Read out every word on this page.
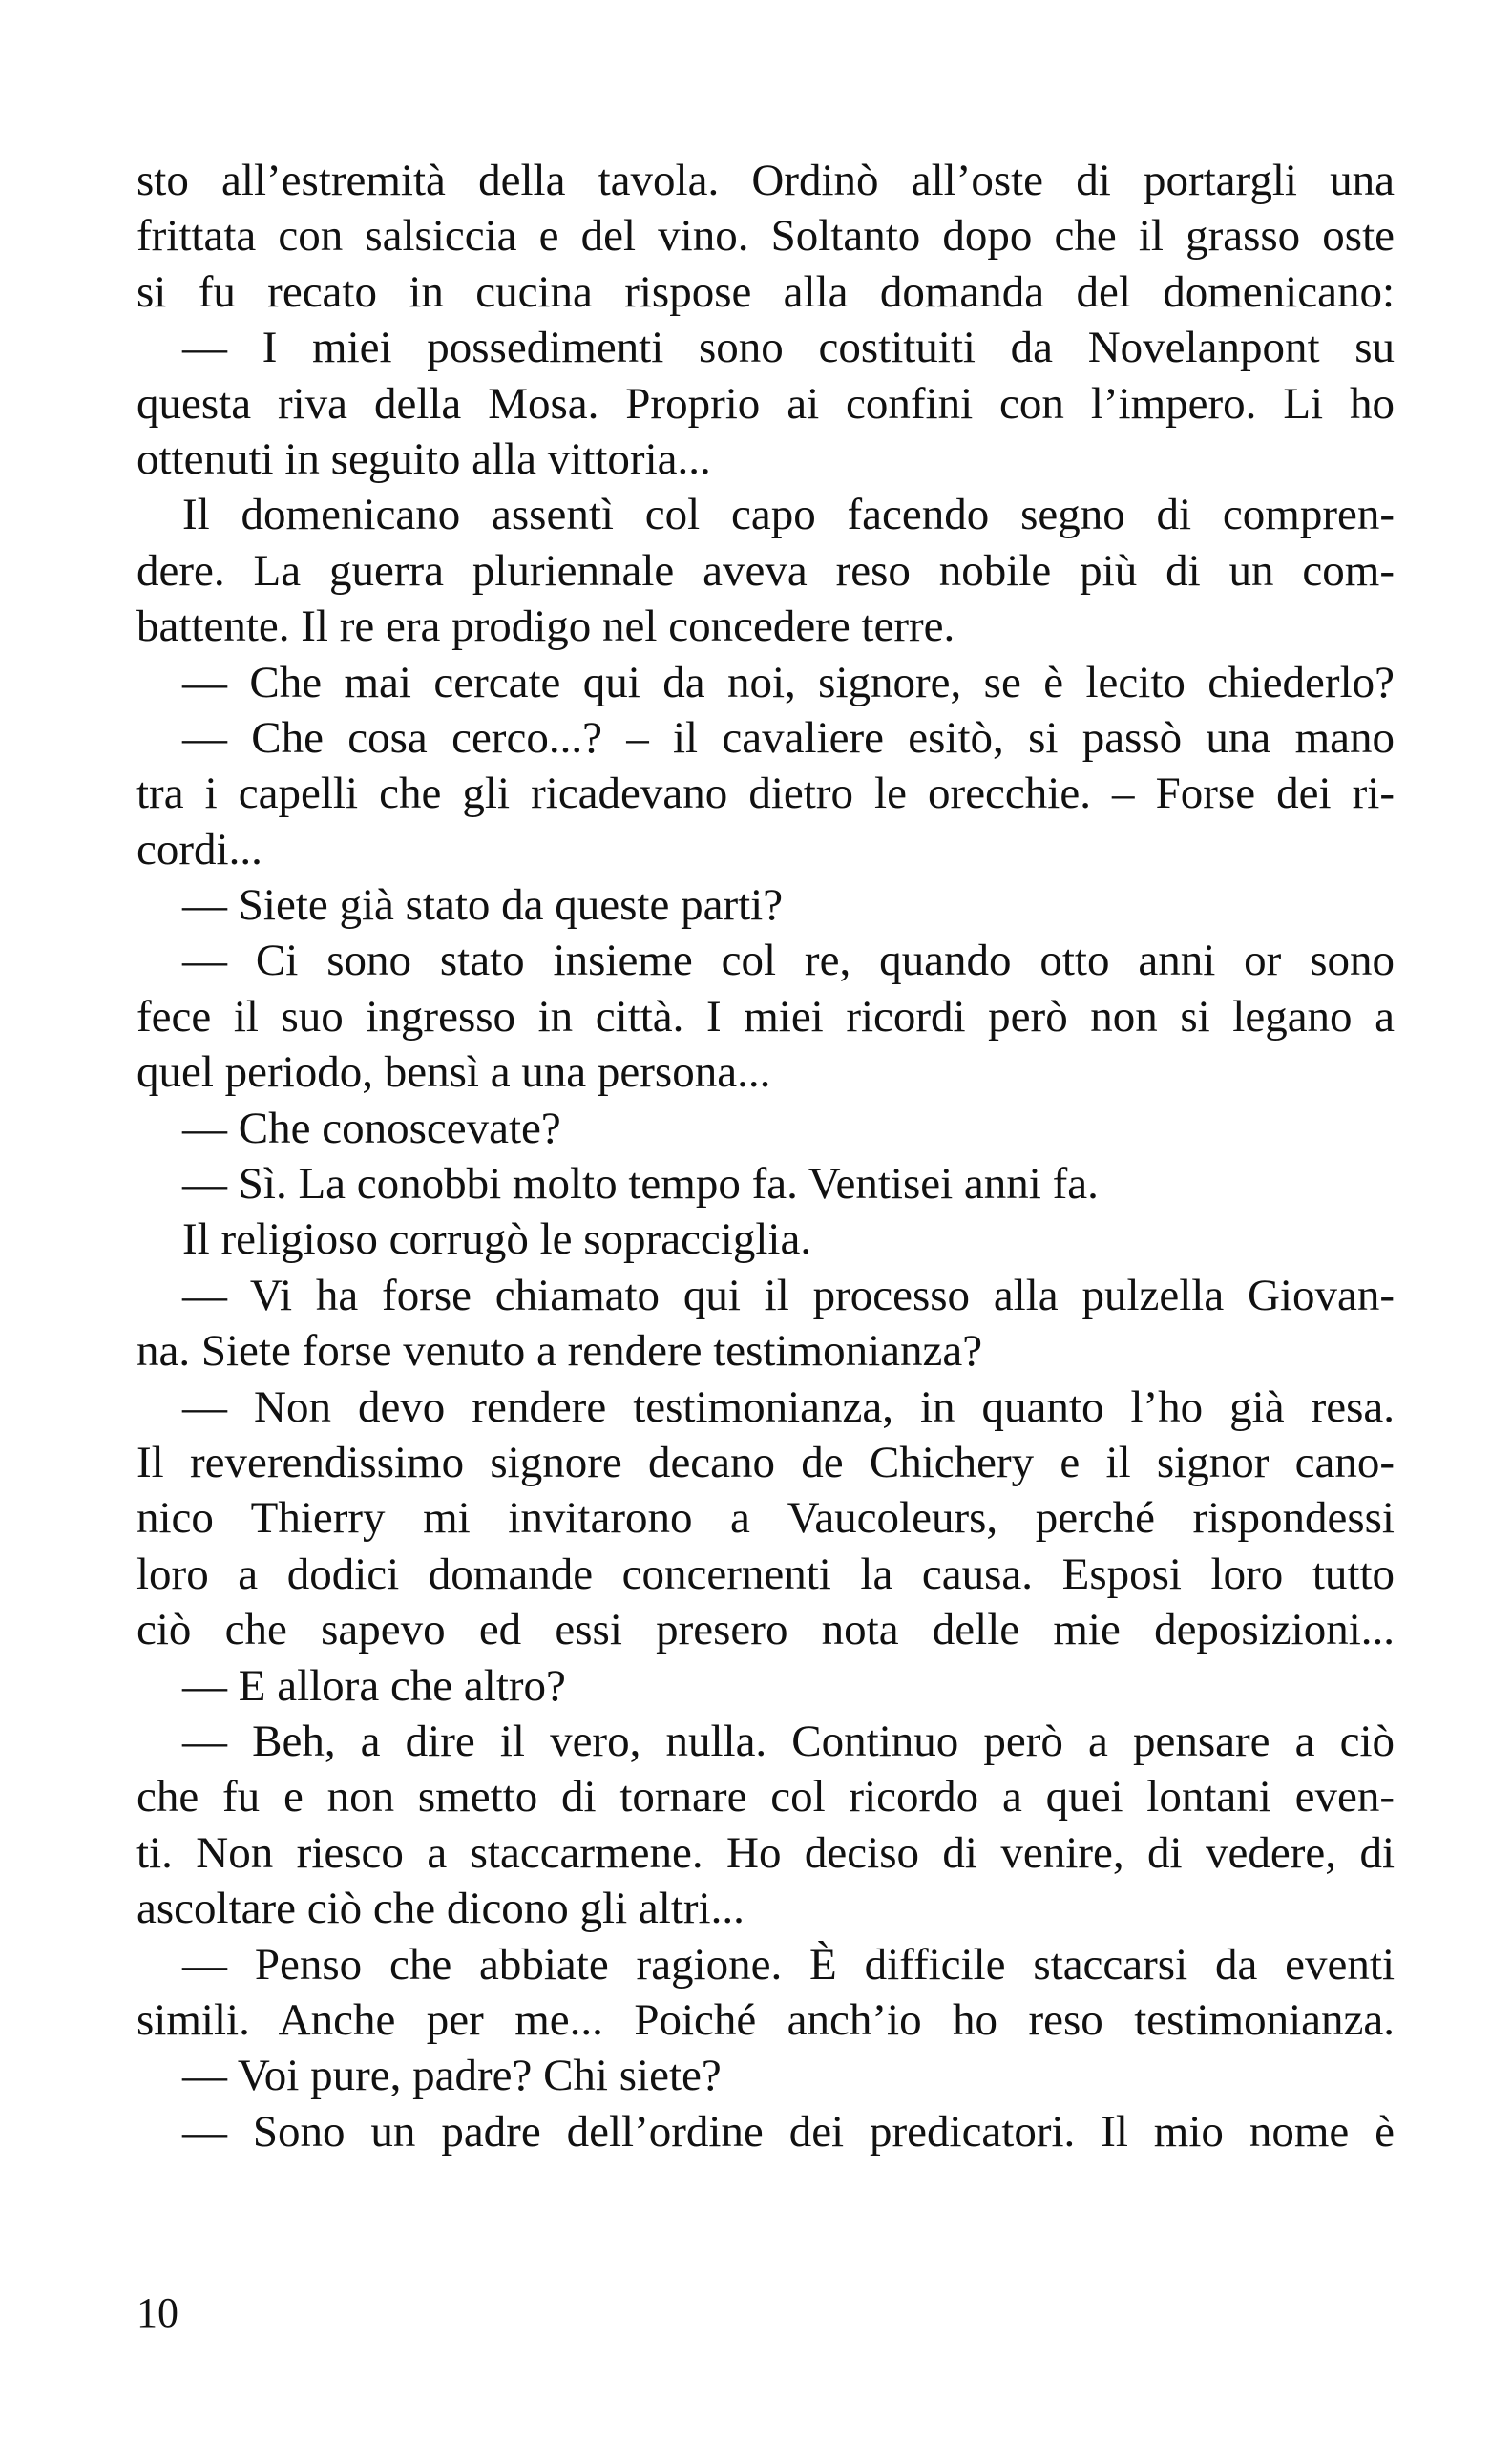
sto all’estremità della tavola. Ordinò all’oste di portargli una
frittata con salsiccia e del vino. Soltanto dopo che il grasso oste
si fu recato in cucina rispose alla domanda del domenicano:
— I miei possedimenti sono costituiti da Novelanpont su
questa riva della Mosa. Proprio ai confini con l’impero. Li ho
ottenuti in seguito alla vittoria...
Il domenicano assentì col capo facendo segno di compren-
dere. La guerra pluriennale aveva reso nobile più di un com-
battente. Il re era prodigo nel concedere terre.
— Che mai cercate qui da noi, signore, se è lecito chiederlo?
— Che cosa cerco...? – il cavaliere esitò, si passò una mano
tra i capelli che gli ricadevano dietro le orecchie. – Forse dei ri-
cordi...
— Siete già stato da queste parti?
— Ci sono stato insieme col re, quando otto anni or sono
fece il suo ingresso in città. I miei ricordi però non si legano a
quel periodo, bensì a una persona...
— Che conoscevate?
— Sì. La conobbi molto tempo fa. Ventisei anni fa.
Il religioso corrugò le sopracciglia.
— Vi ha forse chiamato qui il processo alla pulzella Giovan-
na. Siete forse venuto a rendere testimonianza?
— Non devo rendere testimonianza, in quanto l’ho già resa.
Il reverendissimo signore decano de Chichery e il signor cano-
nico Thierry mi invitarono a Vaucoleurs, perché rispondessi
loro a dodici domande concernenti la causa. Esposi loro tutto
ciò che sapevo ed essi presero nota delle mie deposizioni...
— E allora che altro?
— Beh, a dire il vero, nulla. Continuo però a pensare a ciò
che fu e non smetto di tornare col ricordo a quei lontani even-
ti. Non riesco a staccarmene. Ho deciso di venire, di vedere, di
ascoltare ciò che dicono gli altri...
— Penso che abbiate ragione. È difficile staccarsi da eventi
simili. Anche per me... Poiché anch’io ho reso testimonianza.
— Voi pure, padre? Chi siete?
— Sono un padre dell’ordine dei predicatori. Il mio nome è
10
